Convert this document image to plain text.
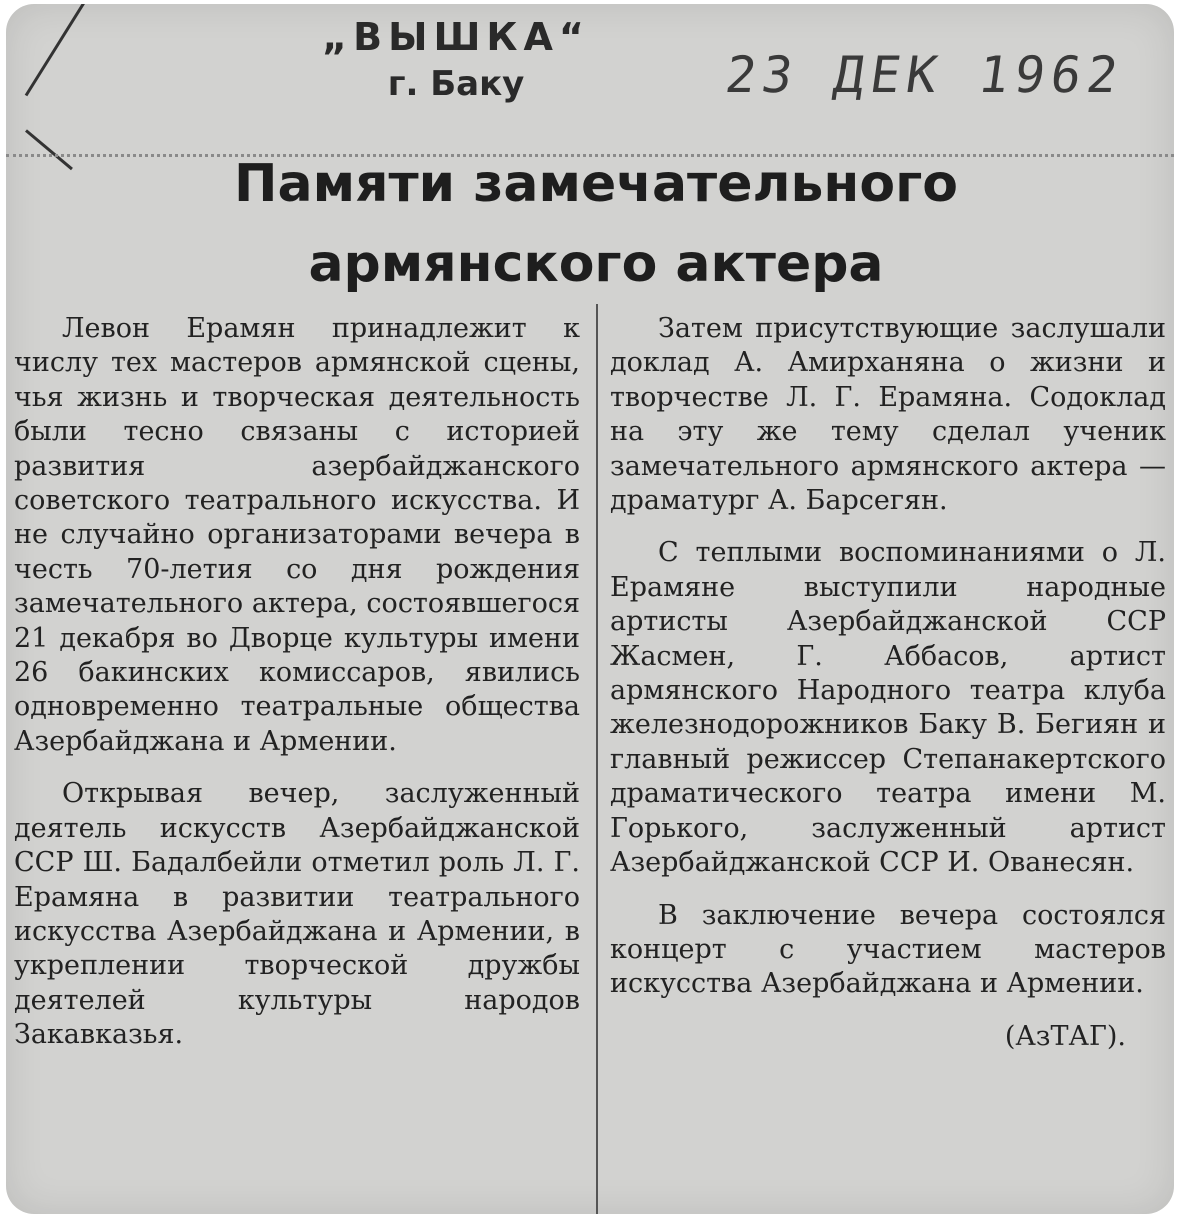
„ВЫШКА“
г. Баку	23 ДЕК 1962
Памяти замечательного
армянского актера

Левон Ерамян принадлежит к числу тех мастеров армянской сцены, чья жизнь и творческая деятельность были тесно связаны с историей развития азербайджанского советского театрального искусства. И не случайно организаторами вечера в честь 70-летия со дня рождения замечательного актера, состоявшегося 21 декабря во Дворце культуры имени 26 бакинских комиссаров, явились одновременно театральные общества Азербайджана и Армении.

Открывая вечер, заслуженный деятель искусств Азербайджанской ССР Ш. Бадалбейли отметил роль Л. Г. Ерамяна в развитии театрального искусства Азербайджана и Армении, в укреплении творческой дружбы деятелей культуры народов Закавказья.

Затем присутствующие заслушали доклад А. Амирханяна о жизни и творчестве Л. Г. Ерамяна. Содоклад на эту же тему сделал ученик замечательного армянского актера — драматург А. Барсегян.

С теплыми воспоминаниями о Л. Ерамяне выступили народные артисты Азербайджанской ССР Жасмен, Г. Аббасов, артист армянского Народного театра клуба железнодорожников Баку В. Бегиян и главный режиссер Степанакертского драматического театра имени М. Горького, заслуженный артист Азербайджанской ССР И. Ованесян.

В заключение вечера состоялся концерт с участием мастеров искусства Азербайджана и Армении.

(АзТАГ).
